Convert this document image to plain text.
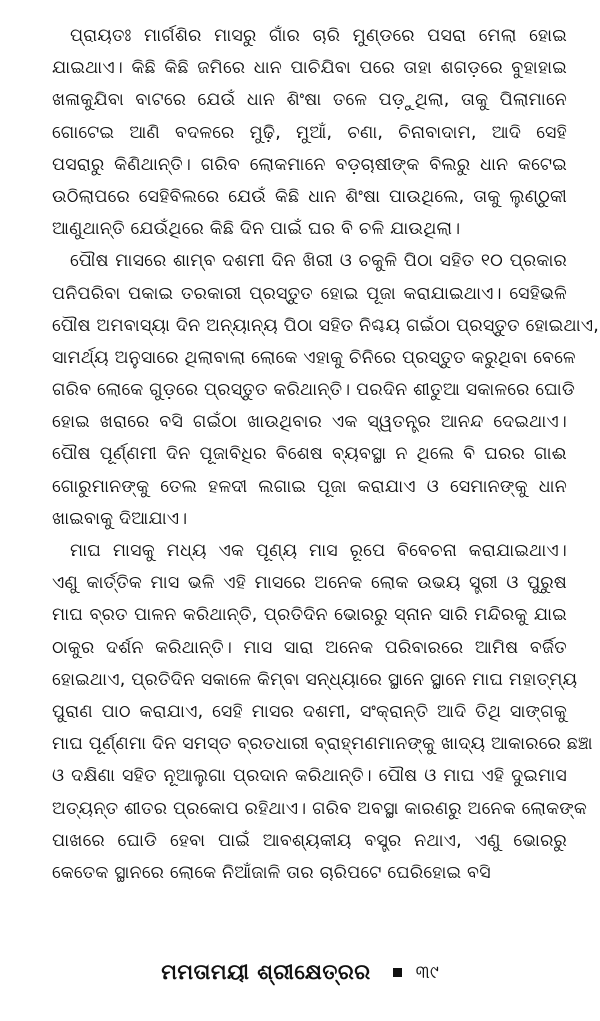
ପ୍ରାୟତଃ ମାର୍ଗଶିର ମାସରୁ ଗାଁର ଚାରି ମୁଣ୍ଡରେ ପସରା ମେଲା ହୋଇ
ଯାଇଥାଏ। କିଛି କିଛି ଜମିରେ ଧାନ ପାଚିଯିବା ପରେ ତାହା ଶଗଡ଼ରେ ବୁହାହାଇ
ଖଳାକୁଯିବା ବାଟରେ ଯେଉଁ ଧାନ ଶିଂଷା ତଳେ ପଡ଼ୁଥିଲା, ତାକୁ ପିଲାମାନେ
ଗୋଟେଇ ଆଣି ବଦଳରେ ମୁଢ଼ି, ମୁଆଁ, ଚଣା, ଚିନାବାଦାମ, ଆଦି ସେହି
ପସରାରୁ କିଣିଥାନ୍ତି। ଗରିବ ଲୋକମାନେ ବଡ଼ଚାଷୀଙ୍କ ବିଲରୁ ଧାନ କଟେଇ
ଉଠିଲାପରେ ସେହିବିଲରେ ଯେଉଁ କିଛି ଧାନ ଶିଂଷା ପାଉଥିଲେ, ତାକୁ ଲୁଣ୍ଠୁକୀ
ଆଣୁଥାନ୍ତି ଯେଉଁଥିରେ କିଛି ଦିନ ପାଇଁ ଘର ବି ଚଳି ଯାଉଥିଲା।
ପୌଷ ମାସରେ ଶାମ୍ବ ଦଶମୀ ଦିନ ଖିରୀ ଓ ଚକୁଳି ପିଠା ସହିତ ୧୦ ପ୍ରକାର
ପନିପରିବା ପକାଇ ତରକାରୀ ପ୍ରସ୍ତୁତ ହୋଇ ପୂଜା କରାଯାଇଥାଏ। ସେହିଭଳି
ପୌଷ ଅମବାସ୍ୟା ଦିନ ଅନ୍ୟାନ୍ୟ ପିଠା ସହିତ ନିଶ୍ଚୟ ଗଇଁଠା ପ୍ରସ୍ତୁତ ହୋଇଥାଏ,
ସାମର୍ଥ୍ୟ ଅନୁସାରେ ଥିଲାବାଲା ଲୋକେ ଏହାକୁ ଚିନିରେ ପ୍ରସ୍ତୁତ କରୁଥିବା ବେଳେ
ଗରିବ ଲୋକେ ଗୁଡ଼ରେ ପ୍ରସ୍ତୁତ କରିଥାନ୍ତି। ପରଦିନ ଶୀତୁଆ ସକାଳରେ ଘୋଡି
ହୋଇ ଖରାରେ ବସି ଗଇଁଠା ଖାଉଥିବାର ଏକ ସ୍ୱତନ୍ତ୍ର ଆନନ୍ଦ ଦେଇଥାଏ।
ପୌଷ ପୂର୍ଣ୍ଣମୀ ଦିନ ପୂଜାବିଧିର ବିଶେଷ ବ୍ୟବସ୍ଥା ନ ଥିଲେ ବି ଘରର ଗାଈ
ଗୋରୁମାନଙ୍କୁ ତେଲ ହଳଦୀ ଲଗାଇ ପୂଜା କରାଯାଏ ଓ ସେମାନଙ୍କୁ ଧାନ
ଖାଇବାକୁ ଦିଆଯାଏ।
ମାଘ ମାସକୁ ମଧ୍ୟ ଏକ ପୂଣ୍ୟ ମାସ ରୂପେ ବିବେଚନା କରାଯାଇଥାଏ।
ଏଣୁ କାର୍ତ୍ତିକ ମାସ ଭଳି ଏହି ମାସରେ ଅନେକ ଲୋକ ଉଭୟ ସ୍ତ୍ରୀ ଓ ପୁରୁଷ
ମାଘ ବ୍ରତ ପାଳନ କରିଥାନ୍ତି, ପ୍ରତିଦିନ ଭୋରରୁ ସ୍ନାନ ସାରି ମନ୍ଦିରକୁ ଯାଇ
ଠାକୁର ଦର୍ଶନ କରିଥାନ୍ତି। ମାସ ସାରା ଅନେକ ପରିବାରରେ ଆମିଷ ବର୍ଜିତ
ହୋଇଥାଏ, ପ୍ରତିଦିନ ସକାଳେ କିମ୍ବା ସନ୍ଧ୍ୟାରେ ସ୍ଥାନେ ସ୍ଥାନେ ମାଘ ମହାତ୍ମ୍ୟ
ପୁରାଣ ପାଠ କରାଯାଏ, ସେହି ମାସର ଦଶମୀ, ସଂକ୍ରାନ୍ତି ଆଦି ତିଥି ସାଙ୍ଗକୁ
ମାଘ ପୂର୍ଣ୍ଣମା ଦିନ ସମସ୍ତ ବ୍ରତଧାରୀ ବ୍ରାହ୍ମଣମାନଙ୍କୁ ଖାଦ୍ୟ ଆକାରରେ ଛଞ୍ଚା
ଓ ଦକ୍ଷିଣା ସହିତ ନୂଆଲୁଗା ପ୍ରଦାନ କରିଥାନ୍ତି। ପୌଷ ଓ ମାଘ ଏହି ଦୁଇମାସ
ଅତ୍ୟନ୍ତ ଶୀତର ପ୍ରକୋପ ରହିଥାଏ। ଗରିବ ଅବସ୍ଥା କାରଣରୁ ଅନେକ ଲୋକଙ୍କ
ପାଖରେ ଘୋଡି ହେବା ପାଇଁ ଆବଶ୍ୟକୀୟ ବସ୍ତ୍ର ନଥାଏ, ଏଣୁ ଭୋରରୁ
କେତେକ ସ୍ଥାନରେ ଲୋକେ ନିଆଁଜାଳି ତାର ଚାରିପଟେ ଘେରିହୋଇ ବସି
ମମତାମୟୀ ଶ୍ରୀକ୍ଷେତ୍ରର	୩୯
